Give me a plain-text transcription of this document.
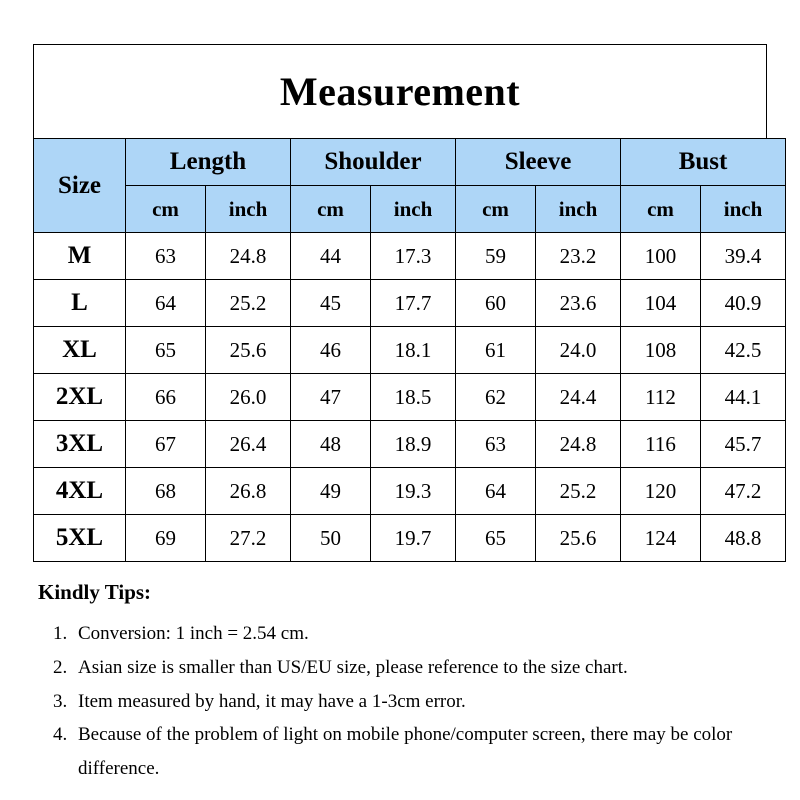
Measurement
Size	Length		Shoulder		Sleeve		Bust	
	cm	inch	cm	inch	cm	inch	cm	inch
M	63	24.8	44	17.3	59	23.2	100	39.4
L	64	25.2	45	17.7	60	23.6	104	40.9
XL	65	25.6	46	18.1	61	24.0	108	42.5
2XL	66	26.0	47	18.5	62	24.4	112	44.1
3XL	67	26.4	48	18.9	63	24.8	116	45.7
4XL	68	26.8	49	19.3	64	25.2	120	47.2
5XL	69	27.2	50	19.7	65	25.6	124	48.8
Kindly Tips:
1. Conversion: 1 inch = 2.54 cm.
2. Asian size is smaller than US/EU size, please reference to the size chart.
3. Item measured by hand, it may have a 1-3cm error.
4. Because of the problem of light on mobile phone/computer screen, there may be color difference.
